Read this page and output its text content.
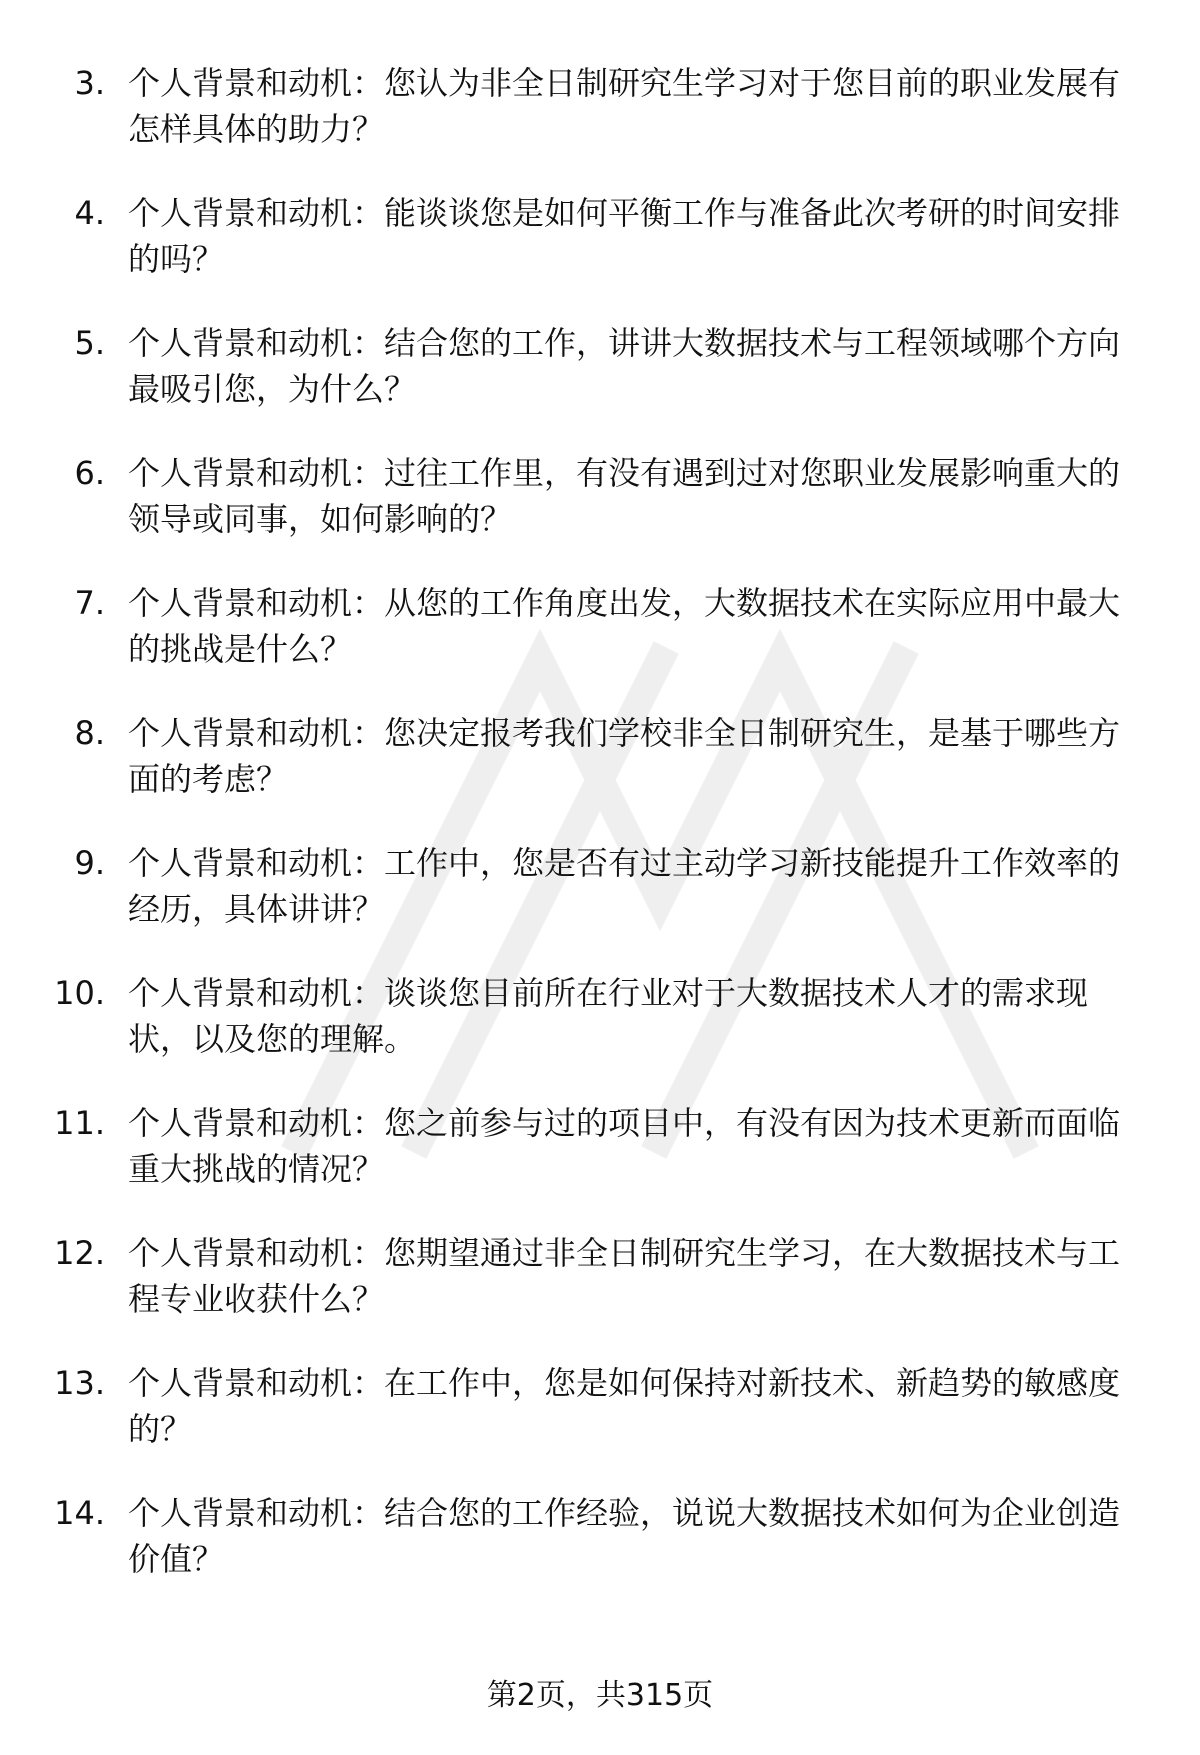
3. 个人背景和动机：您认为非全日制研究生学习对于您目前的职业发展有怎样具体的助力？
4. 个人背景和动机：能谈谈您是如何平衡工作与准备此次考研的时间安排的吗？
5. 个人背景和动机：结合您的工作，讲讲大数据技术与工程领域哪个方向最吸引您，为什么？
6. 个人背景和动机：过往工作里，有没有遇到过对您职业发展影响重大的领导或同事，如何影响的？
7. 个人背景和动机：从您的工作角度出发，大数据技术在实际应用中最大的挑战是什么？
8. 个人背景和动机：您决定报考我们学校非全日制研究生，是基于哪些方面的考虑？
9. 个人背景和动机：工作中，您是否有过主动学习新技能提升工作效率的经历，具体讲讲？
10. 个人背景和动机：谈谈您目前所在行业对于大数据技术人才的需求现状，以及您的理解。
11. 个人背景和动机：您之前参与过的项目中，有没有因为技术更新而面临重大挑战的情况？
12. 个人背景和动机：您期望通过非全日制研究生学习，在大数据技术与工程专业收获什么？
13. 个人背景和动机：在工作中，您是如何保持对新技术、新趋势的敏感度的？
14. 个人背景和动机：结合您的工作经验，说说大数据技术如何为企业创造价值？
第2页，共315页
